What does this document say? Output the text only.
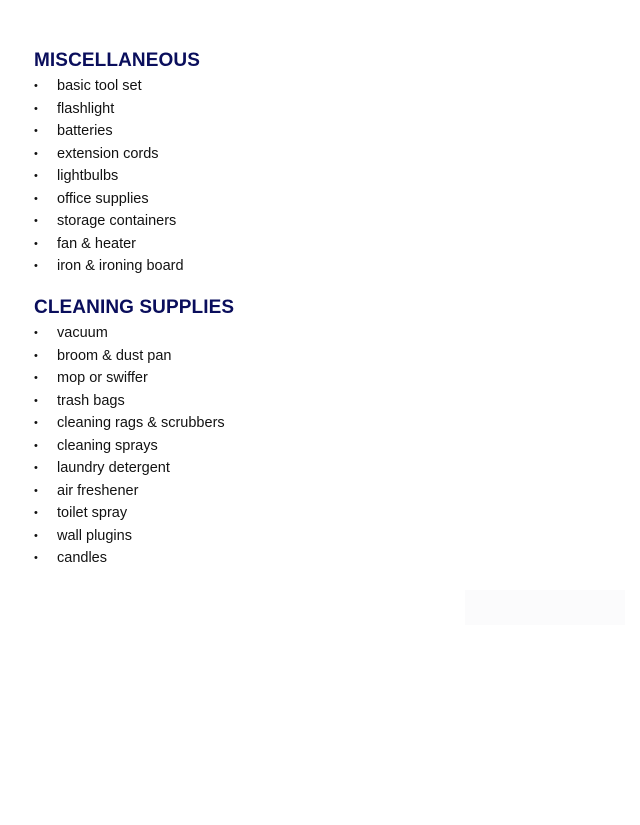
MISCELLANEOUS
• basic tool set
• flashlight
• batteries
• extension cords
• lightbulbs
• office supplies
• storage containers
• fan & heater
• iron & ironing board
CLEANING SUPPLIES
• vacuum
• broom & dust pan
• mop or swiffer
• trash bags
• cleaning rags & scrubbers
• cleaning sprays
• laundry detergent
• air freshener
• toilet spray
• wall plugins
• candles
